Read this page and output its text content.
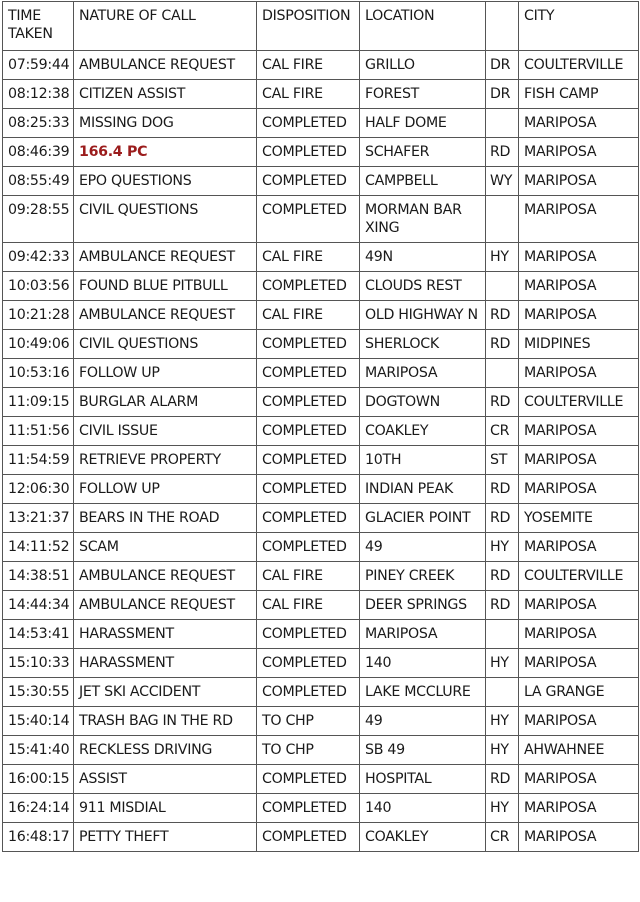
TIME TAKEN	NATURE OF CALL	DISPOSITION	LOCATION		CITY
07:59:44	AMBULANCE REQUEST	CAL FIRE	GRILLO	DR	COULTERVILLE
08:12:38	CITIZEN ASSIST	CAL FIRE	FOREST	DR	FISH CAMP
08:25:33	MISSING DOG	COMPLETED	HALF DOME		MARIPOSA
08:46:39	166.4 PC	COMPLETED	SCHAFER	RD	MARIPOSA
08:55:49	EPO QUESTIONS	COMPLETED	CAMPBELL	WY	MARIPOSA
09:28:55	CIVIL QUESTIONS	COMPLETED	MORMAN BAR XING		MARIPOSA
09:42:33	AMBULANCE REQUEST	CAL FIRE	49N	HY	MARIPOSA
10:03:56	FOUND BLUE PITBULL	COMPLETED	CLOUDS REST		MARIPOSA
10:21:28	AMBULANCE REQUEST	CAL FIRE	OLD HIGHWAY N	RD	MARIPOSA
10:49:06	CIVIL QUESTIONS	COMPLETED	SHERLOCK	RD	MIDPINES
10:53:16	FOLLOW UP	COMPLETED	MARIPOSA		MARIPOSA
11:09:15	BURGLAR ALARM	COMPLETED	DOGTOWN	RD	COULTERVILLE
11:51:56	CIVIL ISSUE	COMPLETED	COAKLEY	CR	MARIPOSA
11:54:59	RETRIEVE PROPERTY	COMPLETED	10TH	ST	MARIPOSA
12:06:30	FOLLOW UP	COMPLETED	INDIAN PEAK	RD	MARIPOSA
13:21:37	BEARS IN THE ROAD	COMPLETED	GLACIER POINT	RD	YOSEMITE
14:11:52	SCAM	COMPLETED	49	HY	MARIPOSA
14:38:51	AMBULANCE REQUEST	CAL FIRE	PINEY CREEK	RD	COULTERVILLE
14:44:34	AMBULANCE REQUEST	CAL FIRE	DEER SPRINGS	RD	MARIPOSA
14:53:41	HARASSMENT	COMPLETED	MARIPOSA		MARIPOSA
15:10:33	HARASSMENT	COMPLETED	140	HY	MARIPOSA
15:30:55	JET SKI ACCIDENT	COMPLETED	LAKE MCCLURE		LA GRANGE
15:40:14	TRASH BAG IN THE RD	TO CHP	49	HY	MARIPOSA
15:41:40	RECKLESS DRIVING	TO CHP	SB 49	HY	AHWAHNEE
16:00:15	ASSIST	COMPLETED	HOSPITAL	RD	MARIPOSA
16:24:14	911 MISDIAL	COMPLETED	140	HY	MARIPOSA
16:48:17	PETTY THEFT	COMPLETED	COAKLEY	CR	MARIPOSA
